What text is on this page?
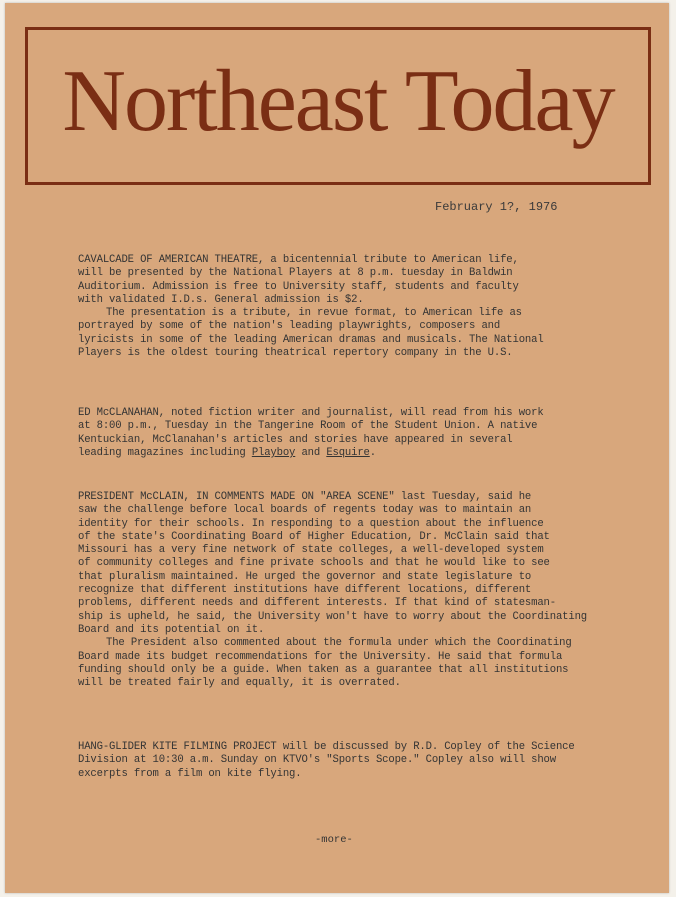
Northeast Today
February 1?, 1976

CAVALCADE OF AMERICAN THEATRE, a bicentennial tribute to American life,

will be presented by the National Players at 8 p.m. tuesday in Baldwin

Auditorium. Admission is free to University staff, students and faculty

with validated I.D.s. General admission is $2.

The presentation is a tribute, in revue format, to American life as

portrayed by some of the nation's leading playwrights, composers and

lyricists in some of the leading American dramas and musicals. The National

Players is the oldest touring theatrical repertory company in the U.S.

ED McCLANAHAN, noted fiction writer and journalist, will read from his work

at 8:00 p.m., Tuesday in the Tangerine Room of the Student Union. A native

Kentuckian, McClanahan's articles and stories have appeared in several

leading magazines including Playboy and Esquire.

PRESIDENT McCLAIN, IN COMMENTS MADE ON "AREA SCENE" last Tuesday, said he

saw the challenge before local boards of regents today was to maintain an

identity for their schools. In responding to a question about the influence

of the state's Coordinating Board of Higher Education, Dr. McClain said that

Missouri has a very fine network of state colleges, a well-developed system

of community colleges and fine private schools and that he would like to see

that pluralism maintained. He urged the governor and state legislature to

recognize that different institutions have different locations, different

problems, different needs and different interests. If that kind of statesman-

ship is upheld, he said, the University won't have to worry about the Coordinating

Board and its potential on it.

The President also commented about the formula under which the Coordinating

Board made its budget recommendations for the University. He said that formula

funding should only be a guide. When taken as a guarantee that all institutions

will be treated fairly and equally, it is overrated.

HANG-GLIDER KITE FILMING PROJECT will be discussed by R.D. Copley of the Science

Division at 10:30 a.m. Sunday on KTVO's "Sports Scope." Copley also will show

excerpts from a film on kite flying.

-more-
